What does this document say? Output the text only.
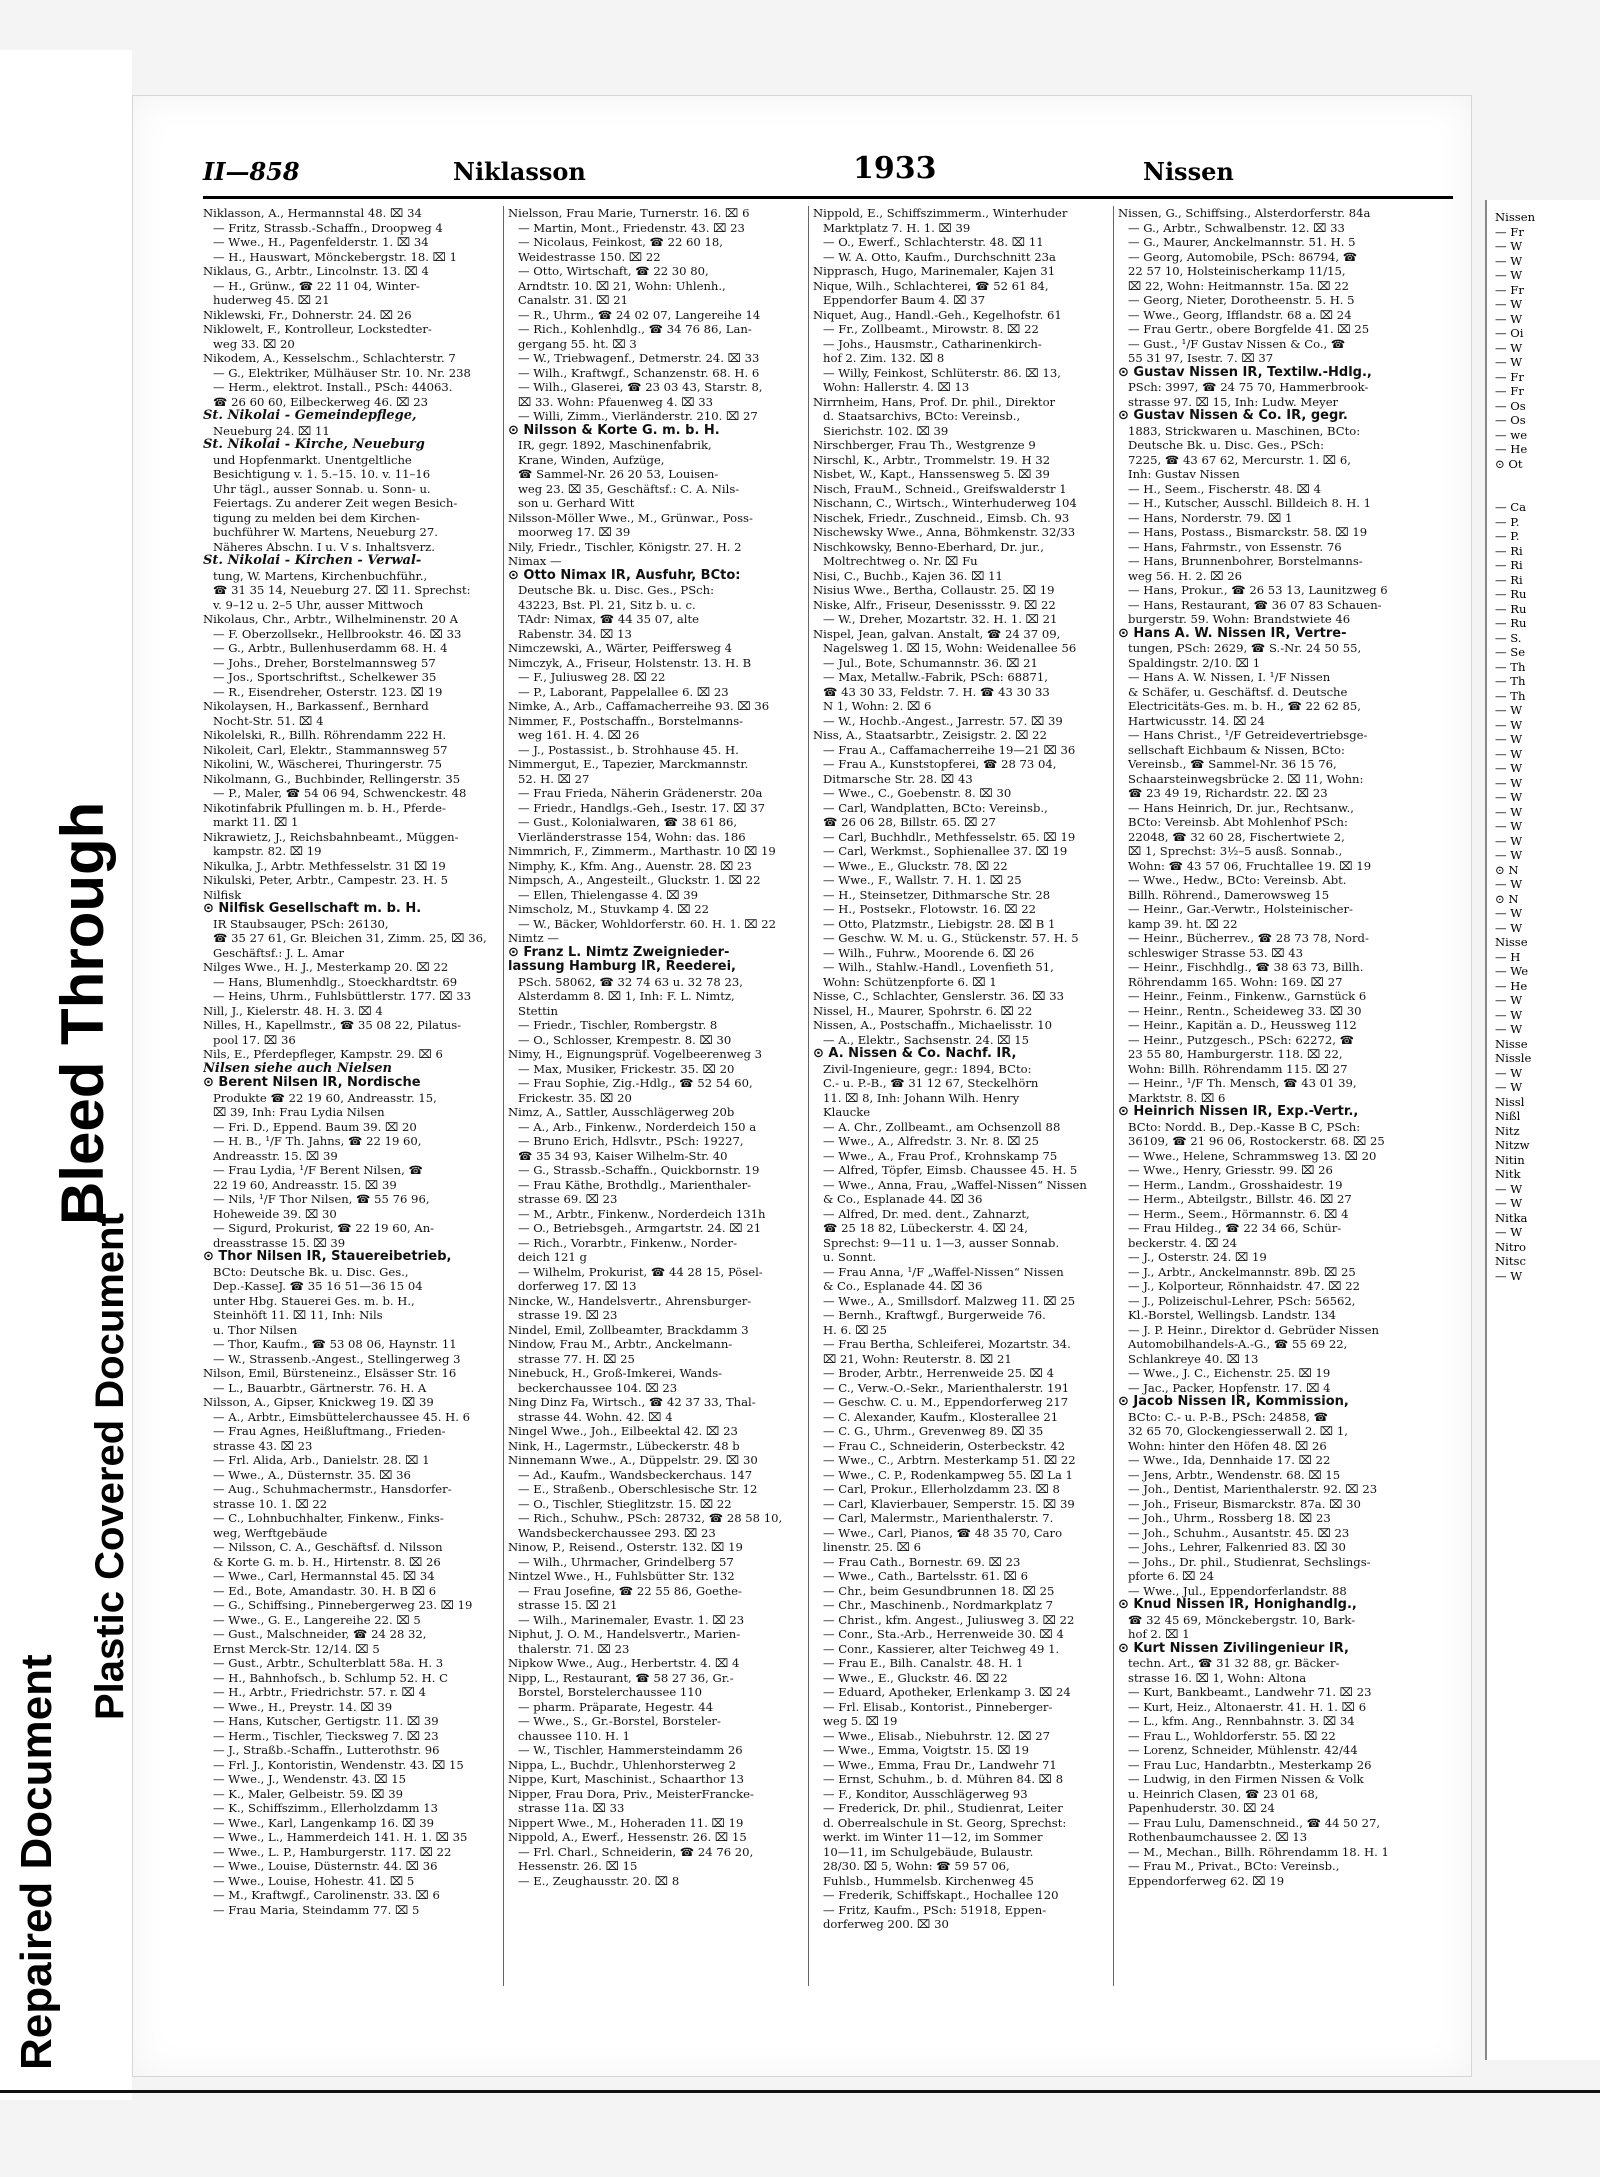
Bleed Through
Plastic Covered Document
Repaired Document
II—858	Niklasson	1933	Nissen
Niklasson, A., Hermannstal 48. ⌧ 34
— Fritz, Strassb.-Schaffn., Droopweg 4
— Wwe., H., Pagenfelderstr. 1. ⌧ 34
— H., Hauswart, Mönckebergstr. 18. ⌧ 1
Niklaus, G., Arbtr., Lincolnstr. 13. ⌧ 4
— H., Grünw., ☎ 22 11 04, Winter-
huderweg 45. ⌧ 21
Niklewski, Fr., Dohnerstr. 24. ⌧ 26
Niklowelt, F., Kontrolleur, Lockstedter-
weg 33. ⌧ 20
Nikodem, A., Kesselschm., Schlachterstr. 7
— G., Elektriker, Mülhäuser Str. 10. Nr. 238
— Herm., elektrot. Install., PSch: 44063.
☎ 26 60 60, Eilbeckerweg 46. ⌧ 23
St. Nikolai - Gemeindepflege,
Neueburg 24. ⌧ 11
St. Nikolai - Kirche, Neueburg
und Hopfenmarkt. Unentgeltliche
Besichtigung v. 1. 5.–15. 10. v. 11–16
Uhr tägl., ausser Sonnab. u. Sonn- u.
Feiertags. Zu anderer Zeit wegen Besich-
tigung zu melden bei dem Kirchen-
buchführer W. Martens, Neueburg 27.
Näheres Abschn. I u. V s. Inhaltsverz.
St. Nikolai - Kirchen - Verwal-
tung, W. Martens, Kirchenbuchführ.,
☎ 31 35 14, Neueburg 27. ⌧ 11. Sprechst:
v. 9–12 u. 2–5 Uhr, ausser Mittwoch
Nikolaus, Chr., Arbtr., Wilhelminenstr. 20 A
— F. Oberzollsekr., Hellbrookstr. 46. ⌧ 33
— G., Arbtr., Bullenhuserdamm 68. H. 4
— Johs., Dreher, Borstelmannsweg 57
— Jos., Sportschriftst., Schelkewer 35
— R., Eisendreher, Osterstr. 123. ⌧ 19
Nikolaysen, H., Barkassenf., Bernhard
Nocht-Str. 51. ⌧ 4
Nikolelski, R., Billh. Röhrendamm 222 H.
Nikoleit, Carl, Elektr., Stammannsweg 57
Nikolini, W., Wäscherei, Thuringerstr. 75
Nikolmann, G., Buchbinder, Rellingerstr. 35
— P., Maler, ☎ 54 06 94, Schwenckestr. 48
Nikotinfabrik Pfullingen m. b. H., Pferde-
markt 11. ⌧ 1
Nikrawietz, J., Reichsbahnbeamt., Müggen-
kampstr. 82. ⌧ 19
Nikulka, J., Arbtr. Methfesselstr. 31 ⌧ 19
Nikulski, Peter, Arbtr., Campestr. 23. H. 5
Nilfisk
⊙ Nilfisk Gesellschaft m. b. H.
IR Staubsauger, PSch: 26130,
☎ 35 27 61, Gr. Bleichen 31, Zimm. 25, ⌧ 36,
Geschäftsf.: J. L. Amar
Nilges Wwe., H. J., Mesterkamp 20. ⌧ 22
— Hans, Blumenhdlg., Stoeckhardtstr. 69
— Heins, Uhrm., Fuhlsbüttlerstr. 177. ⌧ 33
Nill, J., Kielerstr. 48. H. 3. ⌧ 4
Nilles, H., Kapellmstr., ☎ 35 08 22, Pilatus-
pool 17. ⌧ 36
Nils, E., Pferdepfleger, Kampstr. 29. ⌧ 6
Nilsen siehe auch Nielsen
⊙ Berent Nilsen IR, Nordische
Produkte ☎ 22 19 60, Andreasstr. 15,
⌧ 39, Inh: Frau Lydia Nilsen
— Fri. D., Eppend. Baum 39. ⌧ 20
— H. B., ¹/F Th. Jahns, ☎ 22 19 60,
Andreasstr. 15. ⌧ 39
— Frau Lydia, ¹/F Berent Nilsen, ☎
22 19 60, Andreasstr. 15. ⌧ 39
— Nils, ¹/F Thor Nilsen, ☎ 55 76 96,
Hoheweide 39. ⌧ 30
— Sigurd, Prokurist, ☎ 22 19 60, An-
dreasstrasse 15. ⌧ 39
⊙ Thor Nilsen IR, Stauereibetrieb,
BCto: Deutsche Bk. u. Disc. Ges.,
Dep.-KasseJ. ☎ 35 16 51—36 15 04
unter Hbg. Stauerei Ges. m. b. H.,
Steinhöft 11. ⌧ 11, Inh: Nils
u. Thor Nilsen
— Thor, Kaufm., ☎ 53 08 06, Haynstr. 11
— W., Strassenb.-Angest., Stellingerweg 3
Nilson, Emil, Bürsteneinz., Elsässer Str. 16
— L., Bauarbtr., Gärtnerstr. 76. H. A
Nilsson, A., Gipser, Knickweg 19. ⌧ 39
— A., Arbtr., Eimsbüttelerchaussee 45. H. 6
— Frau Agnes, Heißluftmang., Frieden-
strasse 43. ⌧ 23
— Frl. Alida, Arb., Danielstr. 28. ⌧ 1
— Wwe., A., Düsternstr. 35. ⌧ 36
— Aug., Schuhmachermstr., Hansdorfer-
strasse 10. 1. ⌧ 22
— C., Lohnbuchhalter, Finkenw., Finks-
weg, Werftgebäude
— Nilsson, C. A., Geschäftsf. d. Nilsson
& Korte G. m. b. H., Hirtenstr. 8. ⌧ 26
— Wwe., Carl, Hermannstal 45. ⌧ 34
— Ed., Bote, Amandastr. 30. H. B ⌧ 6
— G., Schiffsing., Pinnebergerweg 23. ⌧ 19
— Wwe., G. E., Langereihe 22. ⌧ 5
— Gust., Malschneider, ☎ 24 28 32,
Ernst Merck-Str. 12/14. ⌧ 5
— Gust., Arbtr., Schulterblatt 58a. H. 3
— H., Bahnhofsch., b. Schlump 52. H. C
— H., Arbtr., Friedrichstr. 57. r. ⌧ 4
— Wwe., H., Preystr. 14. ⌧ 39
— Hans, Kutscher, Gertigstr. 11. ⌧ 39
— Herm., Tischler, Tiecksweg 7. ⌧ 23
— J., Straßb.-Schaffn., Lutterothstr. 96
— Frl. J., Kontoristin, Wendenstr. 43. ⌧ 15
— Wwe., J., Wendenstr. 43. ⌧ 15
— K., Maler, Gelbeistr. 59. ⌧ 39
— K., Schiffszimm., Ellerholzdamm 13
— Wwe., Karl, Langenkamp 16. ⌧ 39
— Wwe., L., Hammerdeich 141. H. 1. ⌧ 35
— Wwe., L. P., Hamburgerstr. 117. ⌧ 22
— Wwe., Louise, Düsternstr. 44. ⌧ 36
— Wwe., Louise, Hohestr. 41. ⌧ 5
— M., Kraftwgf., Carolinenstr. 33. ⌧ 6
— Frau Maria, Steindamm 77. ⌧ 5
Nielsson, Frau Marie, Turnerstr. 16. ⌧ 6
— Martin, Mont., Friedenstr. 43. ⌧ 23
— Nicolaus, Feinkost, ☎ 22 60 18,
Weidestrasse 150. ⌧ 22
— Otto, Wirtschaft, ☎ 22 30 80,
Arndtstr. 10. ⌧ 21, Wohn: Uhlenh.,
Canalstr. 31. ⌧ 21
— R., Uhrm., ☎ 24 02 07, Langereihe 14
— Rich., Kohlenhdlg., ☎ 34 76 86, Lan-
gergang 55. ht. ⌧ 3
— W., Triebwagenf., Detmerstr. 24. ⌧ 33
— Wilh., Kraftwgf., Schanzenstr. 68. H. 6
— Wilh., Glaserei, ☎ 23 03 43, Starstr. 8,
⌧ 33. Wohn: Pfauenweg 4. ⌧ 33
— Willi, Zimm., Vierländerstr. 210. ⌧ 27
⊙ Nilsson & Korte G. m. b. H.
IR, gegr. 1892, Maschinenfabrik,
Krane, Winden, Aufzüge,
☎ Sammel-Nr. 26 20 53, Louisen-
weg 23. ⌧ 35, Geschäftsf.: C. A. Nils-
son u. Gerhard Witt
Nilsson-Möller Wwe., M., Grünwar., Poss-
moorweg 17. ⌧ 39
Nily, Friedr., Tischler, Königstr. 27. H. 2
Nimax —
⊙ Otto Nimax IR, Ausfuhr, BCto:
Deutsche Bk. u. Disc. Ges., PSch:
43223, Bst. Pl. 21, Sitz b. u. c.
TAdr: Nimax, ☎ 44 35 07, alte
Rabenstr. 34. ⌧ 13
Nimczewski, A., Wärter, Peiffersweg 4
Nimczyk, A., Friseur, Holstenstr. 13. H. B
— F., Juliusweg 28. ⌧ 22
— P., Laborant, Pappelallee 6. ⌧ 23
Nimke, A., Arb., Caffamacherreihe 93. ⌧ 36
Nimmer, F., Postschaffn., Borstelmanns-
weg 161. H. 4. ⌧ 26
— J., Postassist., b. Strohhause 45. H.
Nimmergut, E., Tapezier, Marckmannstr.
52. H. ⌧ 27
— Frau Frieda, Näherin Grädenerstr. 20a
— Friedr., Handlgs.-Geh., Isestr. 17. ⌧ 37
— Gust., Kolonialwaren, ☎ 38 61 86,
Vierländerstrasse 154, Wohn: das. 186
Nimmrich, F., Zimmerm., Marthastr. 10 ⌧ 19
Nimphy, K., Kfm. Ang., Auenstr. 28. ⌧ 23
Nimpsch, A., Angesteilt., Gluckstr. 1. ⌧ 22
— Ellen, Thielengasse 4. ⌧ 39
Nimscholz, M., Stuvkamp 4. ⌧ 22
— W., Bäcker, Wohldorferstr. 60. H. 1. ⌧ 22
Nimtz —
⊙ Franz L. Nimtz Zweignieder-
lassung Hamburg IR, Reederei,
PSch. 58062, ☎ 32 74 63 u. 32 78 23,
Alsterdamm 8. ⌧ 1, Inh: F. L. Nimtz,
Stettin
— Friedr., Tischler, Rombergstr. 8
— O., Schlosser, Krempestr. 8. ⌧ 30
Nimy, H., Eignungsprüf. Vogelbeerenweg 3
— Max, Musiker, Frickestr. 35. ⌧ 20
— Frau Sophie, Zig.-Hdlg., ☎ 52 54 60,
Frickestr. 35. ⌧ 20
Nimz, A., Sattler, Ausschlägerweg 20b
— A., Arb., Finkenw., Norderdeich 150 a
— Bruno Erich, Hdlsvtr., PSch: 19227,
☎ 35 34 93, Kaiser Wilhelm-Str. 40
— G., Strassb.-Schaffn., Quickbornstr. 19
— Frau Käthe, Brothdlg., Marienthaler-
strasse 69. ⌧ 23
— M., Arbtr., Finkenw., Norderdeich 131h
— O., Betriebsgeh., Armgartstr. 24. ⌧ 21
— Rich., Vorarbtr., Finkenw., Norder-
deich 121 g
— Wilhelm, Prokurist, ☎ 44 28 15, Pösel-
dorferweg 17. ⌧ 13
Nincke, W., Handelsvertr., Ahrensburger-
strasse 19. ⌧ 23
Nindel, Emil, Zollbeamter, Brackdamm 3
Nindow, Frau M., Arbtr., Anckelmann-
strasse 77. H. ⌧ 25
Ninebuck, H., Groß-Imkerei, Wands-
beckerchaussee 104. ⌧ 23
Ning Dinz Fa, Wirtsch., ☎ 42 37 33, Thal-
strasse 44. Wohn. 42. ⌧ 4
Ningel Wwe., Joh., Eilbeektal 42. ⌧ 23
Nink, H., Lagermstr., Lübeckerstr. 48 b
Ninnemann Wwe., A., Düppelstr. 29. ⌧ 30
— Ad., Kaufm., Wandsbeckerchaus. 147
— E., Straßenb., Oberschlesische Str. 12
— O., Tischler, Stieglitzstr. 15. ⌧ 22
— Rich., Schuhw., PSch: 28732, ☎ 28 58 10,
Wandsbeckerchaussee 293. ⌧ 23
Ninow, P., Reisend., Osterstr. 132. ⌧ 19
— Wilh., Uhrmacher, Grindelberg 57
Nintzel Wwe., H., Fuhlsbütter Str. 132
— Frau Josefine, ☎ 22 55 86, Goethe-
strasse 15. ⌧ 21
— Wilh., Marinemaler, Evastr. 1. ⌧ 23
Niphut, J. O. M., Handelsvertr., Marien-
thalerstr. 71. ⌧ 23
Nipkow Wwe., Aug., Herbertstr. 4. ⌧ 4
Nipp, L., Restaurant, ☎ 58 27 36, Gr.-
Borstel, Borstelerchaussee 110
— pharm. Präparate, Hegestr. 44
— Wwe., S., Gr.-Borstel, Borsteler-
chaussee 110. H. 1
— W., Tischler, Hammersteindamm 26
Nippa, L., Buchdr., Uhlenhorsterweg 2
Nippe, Kurt, Maschinist., Schaarthor 13
Nipper, Frau Dora, Priv., MeisterFrancke-
strasse 11a. ⌧ 33
Nippert Wwe., M., Hoheraden 11. ⌧ 19
Nippold, A., Ewerf., Hessenstr. 26. ⌧ 15
— Frl. Charl., Schneiderin, ☎ 24 76 20,
Hessenstr. 26. ⌧ 15
— E., Zeughausstr. 20. ⌧ 8
Nippold, E., Schiffszimmerm., Winterhuder
Marktplatz 7. H. 1. ⌧ 39
— O., Ewerf., Schlachterstr. 48. ⌧ 11
— W. A. Otto, Kaufm., Durchschnitt 23a
Nipprasch, Hugo, Marinemaler, Kajen 31
Nique, Wilh., Schlachterei, ☎ 52 61 84,
Eppendorfer Baum 4. ⌧ 37
Niquet, Aug., Handl.-Geh., Kegelhofstr. 61
— Fr., Zollbeamt., Mirowstr. 8. ⌧ 22
— Johs., Hausmstr., Catharinenkirch-
hof 2. Zim. 132. ⌧ 8
— Willy, Feinkost, Schlüterstr. 86. ⌧ 13,
Wohn: Hallerstr. 4. ⌧ 13
Nirrnheim, Hans, Prof. Dr. phil., Direktor
d. Staatsarchivs, BCto: Vereinsb.,
Sierichstr. 102. ⌧ 39
Nirschberger, Frau Th., Westgrenze 9
Nirschl, K., Arbtr., Trommelstr. 19. H 32
Nisbet, W., Kapt., Hanssensweg 5. ⌧ 39
Nisch, FrauM., Schneid., Greifswalderstr 1
Nischann, C., Wirtsch., Winterhuderweg 104
Nischek, Friedr., Zuschneid., Eimsb. Ch. 93
Nischewsky Wwe., Anna, Böhmkenstr. 32/33
Nischkowsky, Benno-Eberhard, Dr. jur.,
Moltrechtweg o. Nr. ⌧ Fu
Nisi, C., Buchb., Kajen 36. ⌧ 11
Nisius Wwe., Bertha, Collaustr. 25. ⌧ 19
Niske, Alfr., Friseur, Desenissstr. 9. ⌧ 22
— W., Dreher, Mozartstr. 32. H. 1. ⌧ 21
Nispel, Jean, galvan. Anstalt, ☎ 24 37 09,
Nagelsweg 1. ⌧ 15, Wohn: Weidenallee 56
— Jul., Bote, Schumannstr. 36. ⌧ 21
— Max, Metallw.-Fabrik, PSch: 68871,
☎ 43 30 33, Feldstr. 7. H. ☎ 43 30 33
N 1, Wohn: 2. ⌧ 6
— W., Hochb.-Angest., Jarrestr. 57. ⌧ 39
Niss, A., Staatsarbtr., Zeisigstr. 2. ⌧ 22
— Frau A., Caffamacherreihe 19—21 ⌧ 36
— Frau A., Kunststopferei, ☎ 28 73 04,
Ditmarsche Str. 28. ⌧ 43
— Wwe., C., Goebenstr. 8. ⌧ 30
— Carl, Wandplatten, BCto: Vereinsb.,
☎ 26 06 28, Billstr. 65. ⌧ 27
— Carl, Buchhdlr., Methfesselstr. 65. ⌧ 19
— Carl, Werkmst., Sophienallee 37. ⌧ 19
— Wwe., E., Gluckstr. 78. ⌧ 22
— Wwe., F., Wallstr. 7. H. 1. ⌧ 25
— H., Steinsetzer, Dithmarsche Str. 28
— H., Postsekr., Flotowstr. 16. ⌧ 22
— Otto, Platzmstr., Liebigstr. 28. ⌧ B 1
— Geschw. W. M. u. G., Stückenstr. 57. H. 5
— Wilh., Fuhrw., Moorende 6. ⌧ 26
— Wilh., Stahlw.-Handl., Lovenfieth 51,
Wohn: Schützenpforte 6. ⌧ 1
Nisse, C., Schlachter, Genslerstr. 36. ⌧ 33
Nissel, H., Maurer, Spohrstr. 6. ⌧ 22
Nissen, A., Postschaffn., Michaelisstr. 10
— A., Elektr., Sachsenstr. 24. ⌧ 15
⊙ A. Nissen & Co. Nachf. IR,
Zivil-Ingenieure, gegr.: 1894, BCto:
C.- u. P.-B., ☎ 31 12 67, Steckelhörn
11. ⌧ 8, Inh: Johann Wilh. Henry
Klaucke
— A. Chr., Zollbeamt., am Ochsenzoll 88
— Wwe., A., Alfredstr. 3. Nr. 8. ⌧ 25
— Wwe., A., Frau Prof., Krohnskamp 75
— Alfred, Töpfer, Eimsb. Chaussee 45. H. 5
— Wwe., Anna, Frau, „Waffel-Nissen“ Nissen
& Co., Esplanade 44. ⌧ 36
— Alfred, Dr. med. dent., Zahnarzt,
☎ 25 18 82, Lübeckerstr. 4. ⌧ 24,
Sprechst: 9—11 u. 1—3, ausser Sonnab.
u. Sonnt.
— Frau Anna, ¹/F „Waffel-Nissen“ Nissen
& Co., Esplanade 44. ⌧ 36
— Wwe., A., Smillsdorf. Malzweg 11. ⌧ 25
— Bernh., Kraftwgf., Burgerweide 76.
H. 6. ⌧ 25
— Frau Bertha, Schleiferei, Mozartstr. 34.
⌧ 21, Wohn: Reuterstr. 8. ⌧ 21
— Broder, Arbtr., Herrenweide 25. ⌧ 4
— C., Verw.-O.-Sekr., Marienthalerstr. 191
— Geschw. C. u. M., Eppendorferweg 217
— C. Alexander, Kaufm., Klosterallee 21
— C. G., Uhrm., Grevenweg 89. ⌧ 35
— Frau C., Schneiderin, Osterbeckstr. 42
— Wwe., C., Arbtrn. Mesterkamp 51. ⌧ 22
— Wwe., C. P., Rodenkampweg 55. ⌧ La 1
— Carl, Prokur., Ellerholzdamm 23. ⌧ 8
— Carl, Klavierbauer, Semperstr. 15. ⌧ 39
— Carl, Malermstr., Marienthalerstr. 7.
— Wwe., Carl, Pianos, ☎ 48 35 70, Caro
linenstr. 25. ⌧ 6
— Frau Cath., Bornestr. 69. ⌧ 23
— Wwe., Cath., Bartelsstr. 61. ⌧ 6
— Chr., beim Gesundbrunnen 18. ⌧ 25
— Chr., Maschinenb., Nordmarkplatz 7
— Christ., kfm. Angest., Juliusweg 3. ⌧ 22
— Conr., Sta.-Arb., Herrenweide 30. ⌧ 4
— Conr., Kassierer, alter Teichweg 49 1.
— Frau E., Bilh. Canalstr. 48. H. 1
— Wwe., E., Gluckstr. 46. ⌧ 22
— Eduard, Apotheker, Erlenkamp 3. ⌧ 24
— Frl. Elisab., Kontorist., Pinneberger-
weg 5. ⌧ 19
— Wwe., Elisab., Niebuhrstr. 12. ⌧ 27
— Wwe., Emma, Voigtstr. 15. ⌧ 19
— Wwe., Emma, Frau Dr., Landwehr 71
— Ernst, Schuhm., b. d. Mühren 84. ⌧ 8
— F., Konditor, Ausschlägerweg 93
— Frederick, Dr. phil., Studienrat, Leiter
d. Oberrealschule in St. Georg, Sprechst:
werkt. im Winter 11—12, im Sommer
10—11, im Schulgebäude, Bulaustr.
28/30. ⌧ 5, Wohn: ☎ 59 57 06,
Fuhlsb., Hummelsb. Kirchenweg 45
— Frederik, Schiffskapt., Hochallee 120
— Fritz, Kaufm., PSch: 51918, Eppen-
dorferweg 200. ⌧ 30
Nissen, G., Schiffsing., Alsterdorferstr. 84a
— G., Arbtr., Schwalbenstr. 12. ⌧ 33
— G., Maurer, Anckelmannstr. 51. H. 5
— Georg, Automobile, PSch: 86794, ☎
22 57 10, Holsteinischerkamp 11/15,
⌧ 22, Wohn: Heitmannstr. 15a. ⌧ 22
— Georg, Nieter, Dorotheenstr. 5. H. 5
— Wwe., Georg, Ifflandstr. 68 a. ⌧ 24
— Frau Gertr., obere Borgfelde 41. ⌧ 25
— Gust., ¹/F Gustav Nissen & Co., ☎
55 31 97, Isestr. 7. ⌧ 37
⊙ Gustav Nissen IR, Textilw.-Hdlg.,
PSch: 3997, ☎ 24 75 70, Hammerbrook-
strasse 97. ⌧ 15, Inh: Ludw. Meyer
⊙ Gustav Nissen & Co. IR, gegr.
1883, Strickwaren u. Maschinen, BCto:
Deutsche Bk. u. Disc. Ges., PSch:
7225, ☎ 43 67 62, Mercurstr. 1. ⌧ 6,
Inh: Gustav Nissen
— H., Seem., Fischerstr. 48. ⌧ 4
— H., Kutscher, Ausschl. Billdeich 8. H. 1
— Hans, Norderstr. 79. ⌧ 1
— Hans, Postass., Bismarckstr. 58. ⌧ 19
— Hans, Fahrmstr., von Essenstr. 76
— Hans, Brunnenbohrer, Borstelmanns-
weg 56. H. 2. ⌧ 26
— Hans, Prokur., ☎ 26 53 13, Launitzweg 6
— Hans, Restaurant, ☎ 36 07 83 Schauen-
burgerstr. 59. Wohn: Brandstwiete 46
⊙ Hans A. W. Nissen IR, Vertre-
tungen, PSch: 2629, ☎ S.-Nr. 24 50 55,
Spaldingstr. 2/10. ⌧ 1
— Hans A. W. Nissen, I. ¹/F Nissen
& Schäfer, u. Geschäftsf. d. Deutsche
Electricitäts-Ges. m. b. H., ☎ 22 62 85,
Hartwicusstr. 14. ⌧ 24
— Hans Christ., ¹/F Getreidevertriebsge-
sellschaft Eichbaum & Nissen, BCto:
Vereinsb., ☎ Sammel-Nr. 36 15 76,
Schaarsteinwegsbrücke 2. ⌧ 11, Wohn:
☎ 23 49 19, Richardstr. 22. ⌧ 23
— Hans Heinrich, Dr. jur., Rechtsanw.,
BCto: Vereinsb. Abt Mohlenhof PSch:
22048, ☎ 32 60 28, Fischertwiete 2,
⌧ 1, Sprechst: 3½–5 ausß. Sonnab.,
Wohn: ☎ 43 57 06, Fruchtallee 19. ⌧ 19
— Wwe., Hedw., BCto: Vereinsb. Abt.
Billh. Röhrend., Damerowsweg 15
— Heinr., Gar.-Verwtr., Holsteinischer-
kamp 39. ht. ⌧ 22
— Heinr., Bücherrev., ☎ 28 73 78, Nord-
schleswiger Strasse 53. ⌧ 43
— Heinr., Fischhdlg., ☎ 38 63 73, Billh.
Röhrendamm 165. Wohn: 169. ⌧ 27
— Heinr., Feinm., Finkenw., Garnstück 6
— Heinr., Rentn., Scheideweg 33. ⌧ 30
— Heinr., Kapitän a. D., Heussweg 112
— Heinr., Putzgesch., PSch: 62272, ☎
23 55 80, Hamburgerstr. 118. ⌧ 22,
Wohn: Billh. Röhrendamm 115. ⌧ 27
— Heinr., ¹/F Th. Mensch, ☎ 43 01 39,
Marktstr. 8. ⌧ 6
⊙ Heinrich Nissen IR, Exp.-Vertr.,
BCto: Nordd. B., Dep.-Kasse B C, PSch:
36109, ☎ 21 96 06, Rostockerstr. 68. ⌧ 25
— Wwe., Helene, Schrammsweg 13. ⌧ 20
— Wwe., Henry, Griesstr. 99. ⌧ 26
— Herm., Landm., Grosshaidestr. 19
— Herm., Abteilgstr., Billstr. 46. ⌧ 27
— Herm., Seem., Hörmannstr. 6. ⌧ 4
— Frau Hildeg., ☎ 22 34 66, Schür-
beckerstr. 4. ⌧ 24
— J., Osterstr. 24. ⌧ 19
— J., Arbtr., Anckelmannstr. 89b. ⌧ 25
— J., Kolporteur, Rönnhaidstr. 47. ⌧ 22
— J., Polizeischul-Lehrer, PSch: 56562,
Kl.-Borstel, Wellingsb. Landstr. 134
— J. P. Heinr., Direktor d. Gebrüder Nissen
Automobilhandels-A.-G., ☎ 55 69 22,
Schlankreye 40. ⌧ 13
— Wwe., J. C., Eichenstr. 25. ⌧ 19
— Jac., Packer, Hopfenstr. 17. ⌧ 4
⊙ Jacob Nissen IR, Kommission,
BCto: C.- u. P.-B., PSch: 24858, ☎
32 65 70, Glockengiesserwall 2. ⌧ 1,
Wohn: hinter den Höfen 48. ⌧ 26
— Wwe., Ida, Dennhaide 17. ⌧ 22
— Jens, Arbtr., Wendenstr. 68. ⌧ 15
— Joh., Dentist, Marienthalerstr. 92. ⌧ 23
— Joh., Friseur, Bismarckstr. 87a. ⌧ 30
— Joh., Uhrm., Rossberg 18. ⌧ 23
— Joh., Schuhm., Ausantstr. 45. ⌧ 23
— Johs., Lehrer, Falkenried 83. ⌧ 30
— Johs., Dr. phil., Studienrat, Sechslings-
pforte 6. ⌧ 24
— Wwe., Jul., Eppendorferlandstr. 88
⊙ Knud Nissen IR, Honighandlg.,
☎ 32 45 69, Mönckebergstr. 10, Bark-
hof 2. ⌧ 1
⊙ Kurt Nissen Zivilingenieur IR,
techn. Art., ☎ 31 32 88, gr. Bäcker-
strasse 16. ⌧ 1, Wohn: Altona
— Kurt, Bankbeamt., Landwehr 71. ⌧ 23
— Kurt, Heiz., Altonaerstr. 41. H. 1. ⌧ 6
— L., kfm. Ang., Rennbahnstr. 3. ⌧ 34
— Frau L., Wohldorferstr. 55. ⌧ 22
— Lorenz, Schneider, Mühlenstr. 42/44
— Frau Luc, Handarbtn., Mesterkamp 26
— Ludwig, in den Firmen Nissen & Volk
u. Heinrich Clasen, ☎ 23 01 68,
Papenhuderstr. 30. ⌧ 24
— Frau Lulu, Damenschneid., ☎ 44 50 27,
Rothenbaumchaussee 2. ⌧ 13
— M., Mechan., Billh. Röhrendamm 18. H. 1
— Frau M., Privat., BCto: Vereinsb.,
Eppendorferweg 62. ⌧ 19
Nissen
— Fr
— W
— W
— W
— Fr
— W
— W
— Oi
— W
— W
— Fr
— Fr
— Os
— Os
— we
— He
⊙ Ot

— Ca
— P.
— P.
— Ri
— Ri
— Ri
— Ru
— Ru
— Ru
— S.
— Se
— Th
— Th
— Th
— W
— W
— W
— W
— W
— W
— W
— W
— W
— W
— W
⊙ N
— W
⊙ N
— W
— W
Nisse
— H
— We
— He
— W
— W
— W
Nisse
Nissle
— W
— W
Nissl
Nißl
Nitz
Nitzw
Nitin
Nitk
— W
— W
Nitka
— W
Nitro
Nitsc
— W
